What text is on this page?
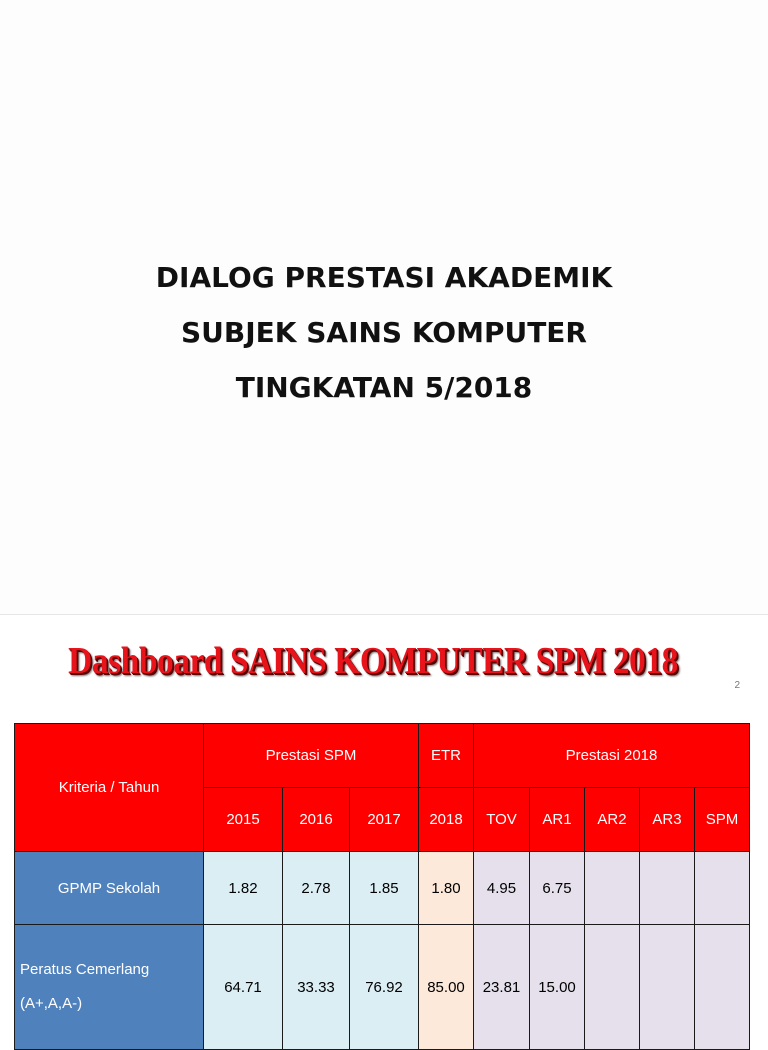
DIALOG PRESTASI AKADEMIK
SUBJEK SAINS KOMPUTER
TINGKATAN 5/2018
Dashboard SAINS KOMPUTER SPM 2018
2
Kriteria / Tahun	Prestasi SPM			ETR	Prestasi 2018				
	2015	2016	2017	2018	TOV	AR1	AR2	AR3	SPM
GPMP Sekolah	1.82	2.78	1.85	1.80	4.95	6.75			

Peratus Cemerlang
(A+,A,A-)	64.71	33.33	76.92	85.00	23.81	15.00			
